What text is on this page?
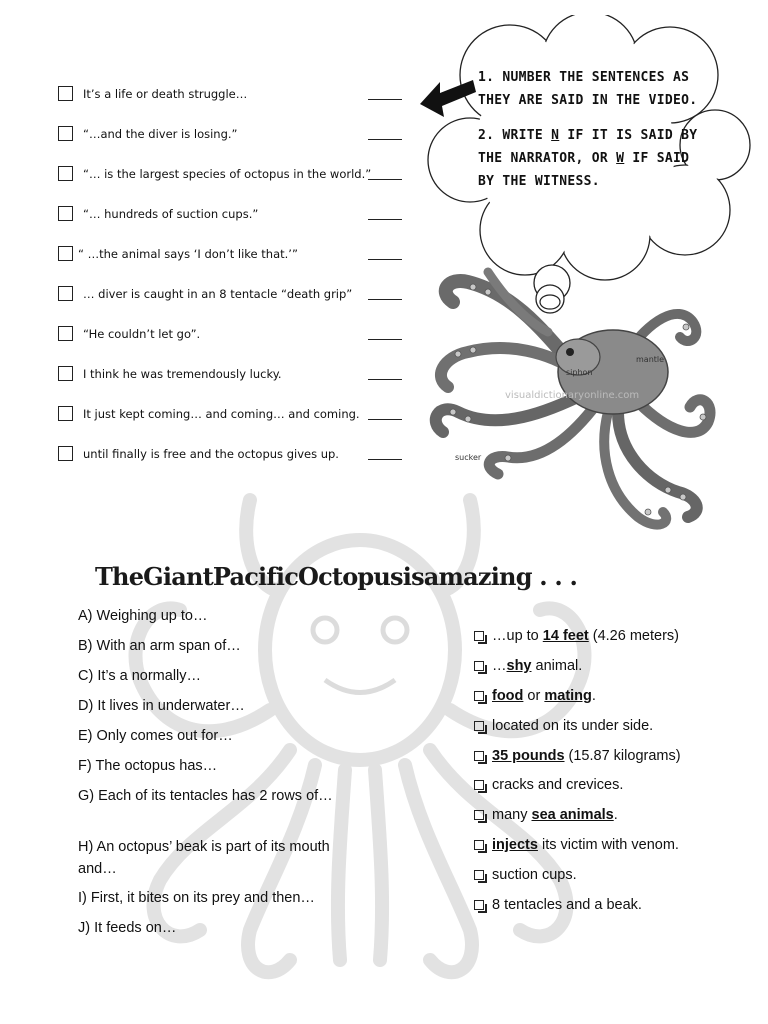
It’s a life or death struggle…
“…and the diver is losing.”
“… is the largest species of octopus in the world.”
“… hundreds of suction cups.”
“ …the animal says ‘I don’t like that.’”
… diver is caught in an 8 tentacle “death grip”
“He couldn’t let go”.
I think he was tremendously lucky.
It just kept coming… and coming… and coming.
until finally is free and the octopus gives up.

1. NUMBER THE SENTENCES AS THEY ARE SAID IN THE VIDEO.

2. WRITE N IF IT IS SAID BY THE NARRATOR, OR W IF SAID BY THE WITNESS.

mantle
siphon
sucker
visualdictionaryonline.com
TheGiantPacificOctopusisamazing . . .
A) Weighing up to…
B) With an arm span of…
C) It’s a normally…
D) It lives in underwater…
E) Only comes out for…
F) The octopus has…
G) Each of its tentacles has 2 rows of…
H) An octopus’ beak is part of its mouth and…
I) First, it bites on its prey and then…
J) It feeds on…
…up to 14 feet (4.26 meters)
…shy animal.
food or mating.
located on its under side.
35 pounds (15.87 kilograms)
cracks and crevices.
many sea animals.
injects its victim with venom.
suction cups.
8 tentacles and a beak.
